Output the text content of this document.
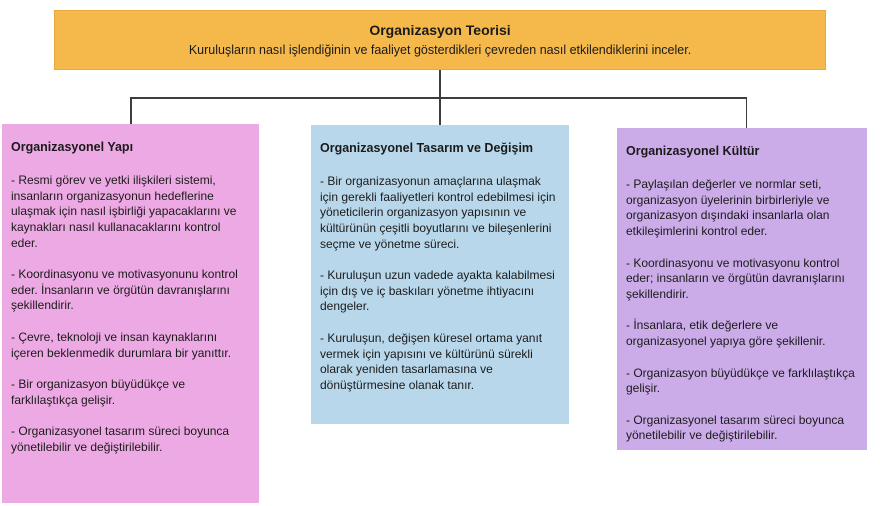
Organizasyon Teorisi
Kuruluşların nasıl işlendiğinin ve faaliyet gösterdikleri çevreden nasıl etkilendiklerini inceler.
Organizasyonel Yapı

- Resmi görev ve yetki ilişkileri sistemi, insanların organizasyonun hedeflerine ulaşmak için nasıl işbirliği yapacaklarını ve kaynakları nasıl kullanacaklarını kontrol eder.

- Koordinasyonu ve motivasyonunu kontrol eder. İnsanların ve örgütün davranışlarını şekillendirir.

- Çevre, teknoloji ve insan kaynaklarını içeren beklenmedik durumlara bir yanıttır.

- Bir organizasyon büyüdükçe ve farklılaştıkça gelişir.

- Organizasyonel tasarım süreci boyunca yönetilebilir ve değiştirilebilir.

Organizasyonel Tasarım ve Değişim

- Bir organizasyonun amaçlarına ulaşmak için gerekli faaliyetleri kontrol edebilmesi için yöneticilerin organizasyon yapısının ve kültürünün çeşitli boyutlarını ve bileşenlerini seçme ve yönetme süreci.

- Kuruluşun uzun vadede ayakta kalabilmesi için dış ve iç baskıları yönetme ihtiyacını dengeler.

- Kuruluşun, değişen küresel ortama yanıt vermek için yapısını ve kültürünü sürekli olarak yeniden tasarlamasına ve dönüştürmesine olanak tanır.

Organizasyonel Kültür

- Paylaşılan değerler ve normlar seti, organizasyon üyelerinin birbirleriyle ve organizasyon dışındaki insanlarla olan etkileşimlerini kontrol eder.

- Koordinasyonu ve motivasyonu kontrol eder; insanların ve örgütün davranışlarını şekillendirir.

- İnsanlara, etik değerlere ve organizasyonel yapıya göre şekillenir.

- Organizasyon büyüdükçe ve farklılaştıkça gelişir.

- Organizasyonel tasarım süreci boyunca yönetilebilir ve değiştirilebilir.
